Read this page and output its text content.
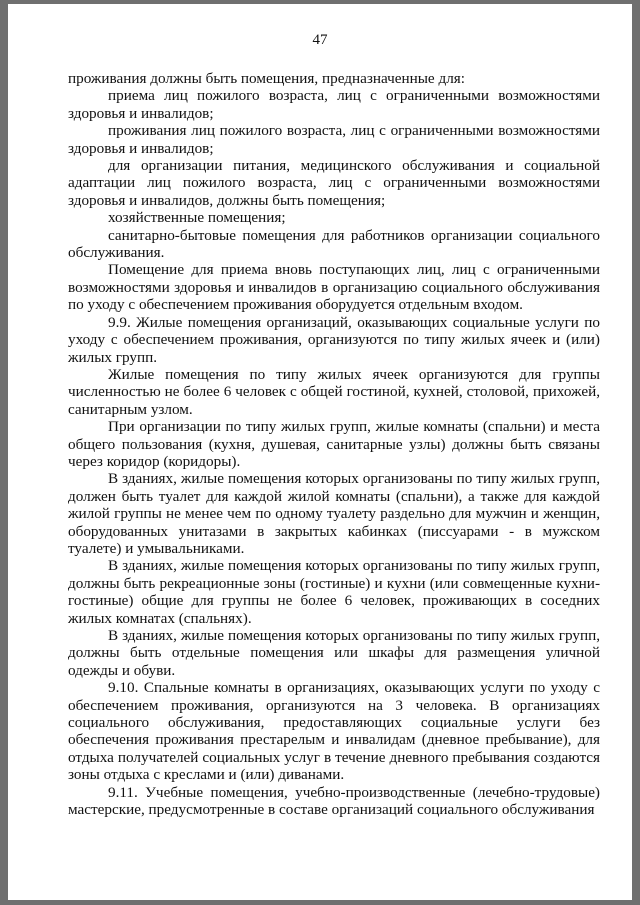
47

проживания должны быть помещения, предназначенные для:

приема лиц пожилого возраста, лиц с ограниченными возможностями здоровья и инвалидов;

проживания лиц пожилого возраста, лиц с ограниченными возможностями здоровья и инвалидов;

для организации питания, медицинского обслуживания и социальной адаптации лиц пожилого возраста, лиц с ограниченными возможностями здоровья и инвалидов, должны быть помещения;

хозяйственные помещения;

санитарно-бытовые помещения для работников организации социального обслуживания.

Помещение для приема вновь поступающих лиц, лиц с ограниченными возможностями здоровья и инвалидов в организацию социального обслуживания по уходу с обеспечением проживания оборудуется отдельным входом.

9.9. Жилые помещения организаций, оказывающих социальные услуги по уходу с обеспечением проживания, организуются по типу жилых ячеек и (или) жилых групп.

Жилые помещения по типу жилых ячеек организуются для группы численностью не более 6 человек с общей гостиной, кухней, столовой, прихожей, санитарным узлом.

При организации по типу жилых групп, жилые комнаты (спальни) и места общего пользования (кухня, душевая, санитарные узлы) должны быть связаны через коридор (коридоры).

В зданиях, жилые помещения которых организованы по типу жилых групп, должен быть туалет для каждой жилой комнаты (спальни), а также для каждой жилой группы не менее чем по одному туалету раздельно для мужчин и женщин, оборудованных унитазами в закрытых кабинках (писсуарами - в мужском туалете) и умывальниками.

В зданиях, жилые помещения которых организованы по типу жилых групп, должны быть рекреационные зоны (гостиные) и кухни (или совмещенные кухни-гостиные) общие для группы не более 6 человек, проживающих в соседних жилых комнатах (спальнях).

В зданиях, жилые помещения которых организованы по типу жилых групп, должны быть отдельные помещения или шкафы для размещения уличной одежды и обуви.

9.10. Спальные комнаты в организациях, оказывающих услуги по уходу с обеспечением проживания, организуются на 3 человека. В организациях социального обслуживания, предоставляющих социальные услуги без обеспечения проживания престарелым и инвалидам (дневное пребывание), для отдыха получателей социальных услуг в течение дневного пребывания создаются зоны отдыха с креслами и (или) диванами.

9.11. Учебные помещения, учебно-производственные (лечебно-трудовые) мастерские, предусмотренные в составе организаций социального обслуживания
